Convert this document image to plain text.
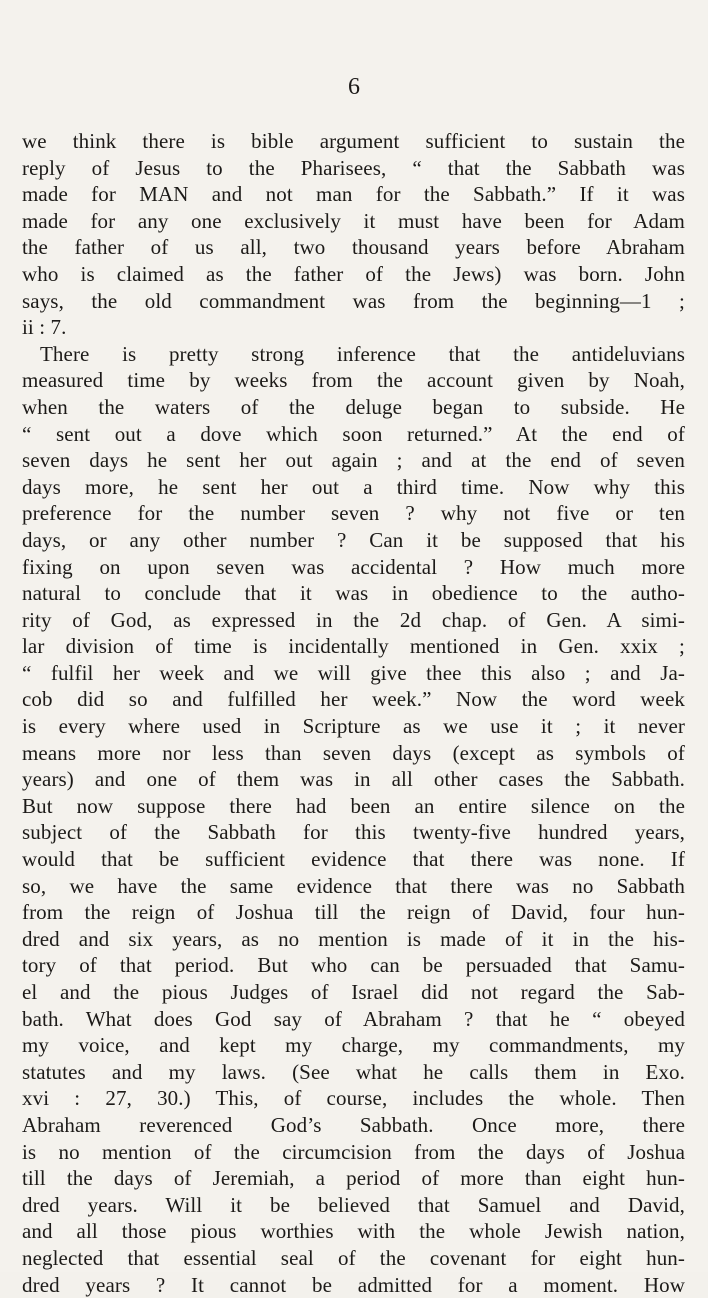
6
we think there is bible argument sufficient to sustain the
reply of Jesus to the Pharisees, “ that the Sabbath was
made for MAN and not man for the Sabbath.” If it was
made for any one exclusively it must have been for Adam
the father of us all, two thousand years before Abraham
who is claimed as the father of the Jews) was born. John
says, the old commandment was from the beginning—1 ;
ii : 7.
There is pretty strong inference that the antideluvians
measured time by weeks from the account given by Noah,
when the waters of the deluge began to subside. He
“ sent out a dove which soon returned.” At the end of
seven days he sent her out again ; and at the end of seven
days more, he sent her out a third time. Now why this
preference for the number seven ? why not five or ten
days, or any other number ? Can it be supposed that his
fixing on upon seven was accidental ? How much more
natural to conclude that it was in obedience to the autho-
rity of God, as expressed in the 2d chap. of Gen. A simi-
lar division of time is incidentally mentioned in Gen. xxix ;
“ fulfil her week and we will give thee this also ; and Ja-
cob did so and fulfilled her week.” Now the word week
is every where used in Scripture as we use it ; it never
means more nor less than seven days (except as symbols of
years) and one of them was in all other cases the Sabbath.
But now suppose there had been an entire silence on the
subject of the Sabbath for this twenty-five hundred years,
would that be sufficient evidence that there was none. If
so, we have the same evidence that there was no Sabbath
from the reign of Joshua till the reign of David, four hun-
dred and six years, as no mention is made of it in the his-
tory of that period. But who can be persuaded that Samu-
el and the pious Judges of Israel did not regard the Sab-
bath. What does God say of Abraham ? that he “ obeyed
my voice, and kept my charge, my commandments, my
statutes and my laws. (See what he calls them in Exo.
xvi : 27, 30.) This, of course, includes the whole. Then
Abraham reverenced God’s Sabbath. Once more, there
is no mention of the circumcision from the days of Joshua
till the days of Jeremiah, a period of more than eight hun-
dred years. Will it be believed that Samuel and David,
and all those pious worthies with the whole Jewish nation,
neglected that essential seal of the covenant for eight hun-
dred years ? It cannot be admitted for a moment. How
